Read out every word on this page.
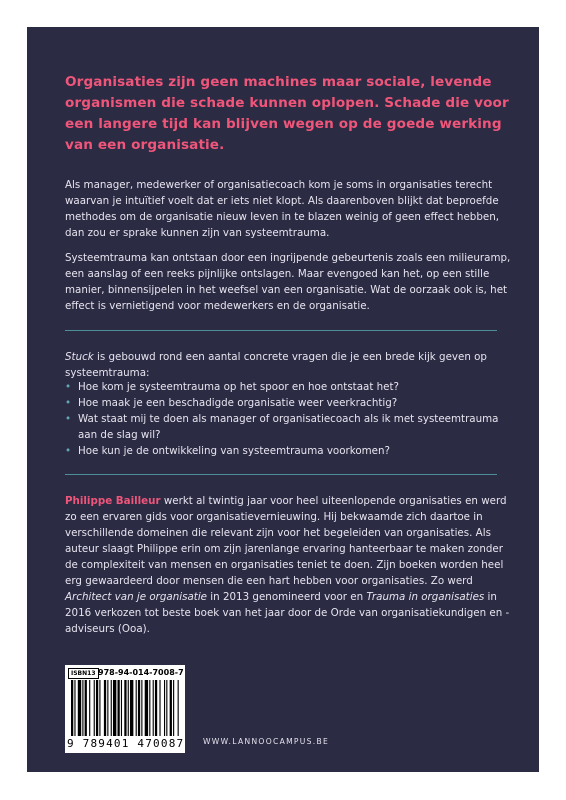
Organisaties zijn geen machines maar sociale, levende organismen die schade kunnen oplopen. Schade die voor een langere tijd kan blijven wegen op de goede werking van een organisatie.

Als manager, medewerker of organisatiecoach kom je soms in organisaties terecht waarvan je intuïtief voelt dat er iets niet klopt. Als daarenboven blijkt dat beproefde methodes om de organisatie nieuw leven in te blazen weinig of geen effect hebben, dan zou er sprake kunnen zijn van systeemtrauma.

Systeemtrauma kan ontstaan door een ingrijpende gebeurtenis zoals een milieuramp, een aanslag of een reeks pijnlijke ontslagen. Maar evengoed kan het, op een stille manier, binnensijpelen in het weefsel van een organisatie. Wat de oorzaak ook is, het effect is vernietigend voor medewerkers en de organisatie.

Stuck is gebouwd rond een aantal concrete vragen die je een brede kijk geven op systeemtrauma:

• Hoe kom je systeemtrauma op het spoor en hoe ontstaat het?
• Hoe maak je een beschadigde organisatie weer veerkrachtig?
• Wat staat mij te doen als manager of organisatiecoach als ik met systeemtrauma aan de slag wil?
• Hoe kun je de ontwikkeling van systeemtrauma voorkomen?

Philippe Bailleur werkt al twintig jaar voor heel uiteenlopende organisaties en werd zo een ervaren gids voor organisatievernieuwing. Hij bekwaamde zich daartoe in verschillende domeinen die relevant zijn voor het begeleiden van organisaties. Als auteur slaagt Philippe erin om zijn jarenlange ervaring hanteerbaar te maken zonder de complexiteit van mensen en organisaties teniet te doen. Zijn boeken worden heel erg gewaardeerd door mensen die een hart hebben voor organisaties. Zo werd Architect van je organisatie in 2013 genomineerd voor en Trauma in organisaties in 2016 verkozen tot beste boek van het jaar door de Orde van organisatiekundigen en -adviseurs (Ooa).

ISBN13 978-94-014-7008-7
9 789401 470087 WWW.LANNOOCAMPUS.BE
